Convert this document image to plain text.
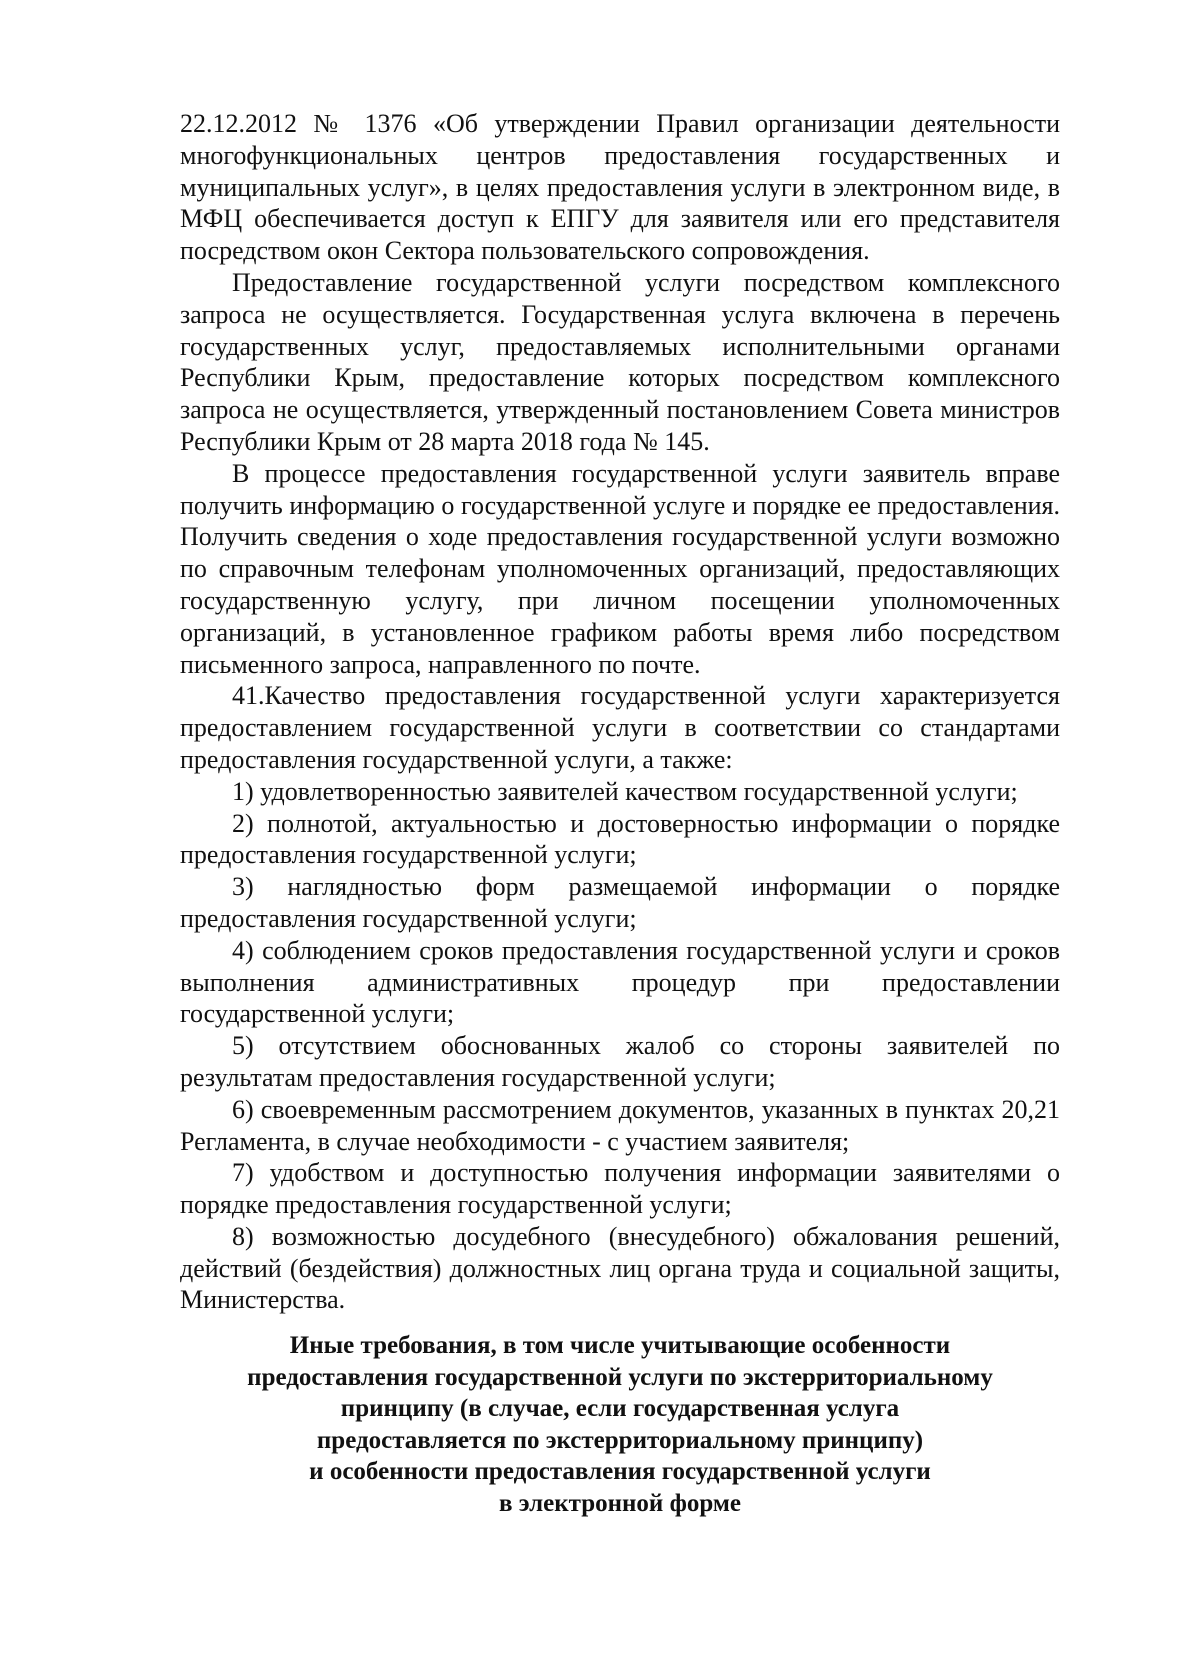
22.12.2012 № 1376 «Об утверждении Правил организации деятельности многофункциональных центров предоставления государственных и муниципальных услуг», в целях предоставления услуги в электронном виде, в МФЦ обеспечивается доступ к ЕПГУ для заявителя или его представителя посредством окон Сектора пользовательского сопровождения.

Предоставление государственной услуги посредством комплексного запроса не осуществляется. Государственная услуга включена в перечень государственных услуг, предоставляемых исполнительными органами Республики Крым, предоставление которых посредством комплексного запроса не осуществляется, утвержденный постановлением Совета министров Республики Крым от 28 марта 2018 года № 145.

В процессе предоставления государственной услуги заявитель вправе получить информацию о государственной услуге и порядке ее предоставления. Получить сведения о ходе предоставления государственной услуги возможно по справочным телефонам уполномоченных организаций, предоставляющих государственную услугу, при личном посещении уполномоченных организаций, в установленное графиком работы время либо посредством письменного запроса, направленного по почте.

41.Качество предоставления государственной услуги характеризуется предоставлением государственной услуги в соответствии со стандартами предоставления государственной услуги, а также:

1) удовлетворенностью заявителей качеством государственной услуги;

2) полнотой, актуальностью и достоверностью информации о порядке предоставления государственной услуги;

3) наглядностью форм размещаемой информации о порядке предоставления государственной услуги;

4) соблюдением сроков предоставления государственной услуги и сроков выполнения административных процедур при предоставлении государственной услуги;

5) отсутствием обоснованных жалоб со стороны заявителей по результатам предоставления государственной услуги;

6) своевременным рассмотрением документов, указанных в пунктах 20,21 Регламента, в случае необходимости - с участием заявителя;

7) удобством и доступностью получения информации заявителями о порядке предоставления государственной услуги;

8) возможностью досудебного (внесудебного) обжалования решений, действий (бездействия) должностных лиц органа труда и социальной защиты, Министерства.

Иные требования, в том числе учитывающие особенности
предоставления государственной услуги по экстерриториальному
принципу (в случае, если государственная услуга
предоставляется по экстерриториальному принципу)
и особенности предоставления государственной услуги
в электронной форме
